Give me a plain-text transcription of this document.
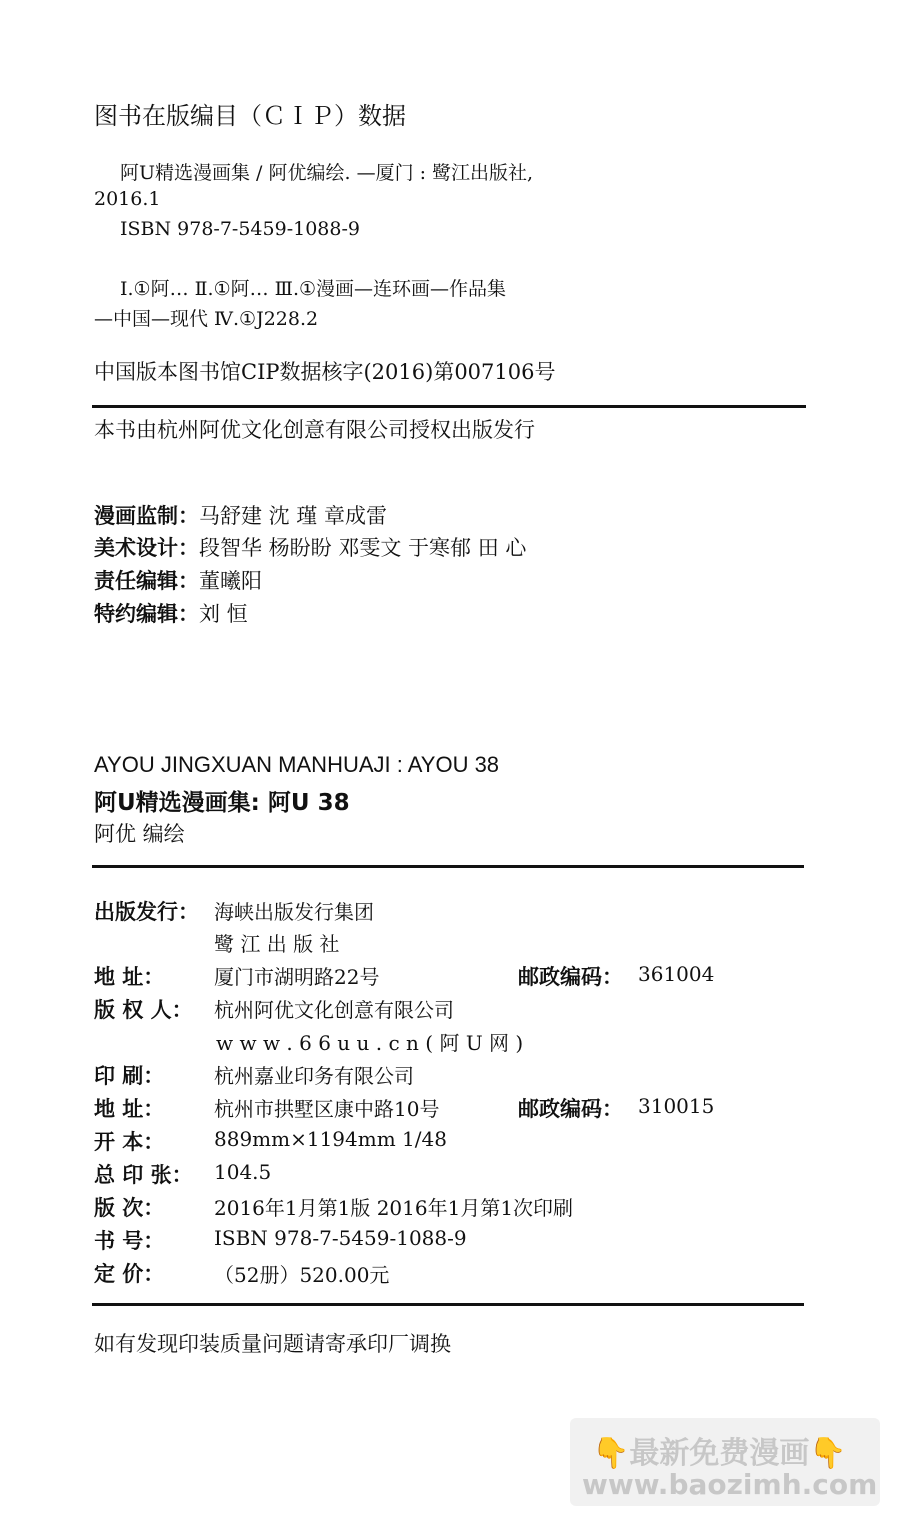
图书在版编目（ＣＩＰ）数据
阿U精选漫画集 / 阿优编绘. —厦门 : 鹭江出版社,
2016.1
ISBN 978-7-5459-1088-9
Ⅰ.①阿… Ⅱ.①阿… Ⅲ.①漫画—连环画—作品集
—中国—现代 Ⅳ.①J228.2
中国版本图书馆CIP数据核字(2016)第007106号
本书由杭州阿优文化创意有限公司授权出版发行
漫画监制：马舒建 沈 瑾 章成雷
美术设计：段智华 杨盼盼 邓雯文 于寒郁 田 心
责任编辑：董曦阳
特约编辑：刘 恒
AYOU JINGXUAN MANHUAJI : AYOU 38
阿U精选漫画集: 阿U 38
阿优 编绘
出版发行： 海峡出版发行集团
鹭 江 出 版 社
地 址： 厦门市湖明路22号	邮政编码： 361004
版 权 人： 杭州阿优文化创意有限公司
w w w . 6 6 u u . c n ( 阿 U 网 )
印 刷： 杭州嘉业印务有限公司
地 址： 杭州市拱墅区康中路10号	邮政编码： 310015
开 本： 889mm×1194mm 1/48
总 印 张： 104.5
版 次： 2016年1月第1版 2016年1月第1次印刷
书 号： ISBN 978-7-5459-1088-9
定 价： （52册）520.00元
如有发现印装质量问题请寄承印厂调换
👇最新免费漫画👇
www.baozimh.com
